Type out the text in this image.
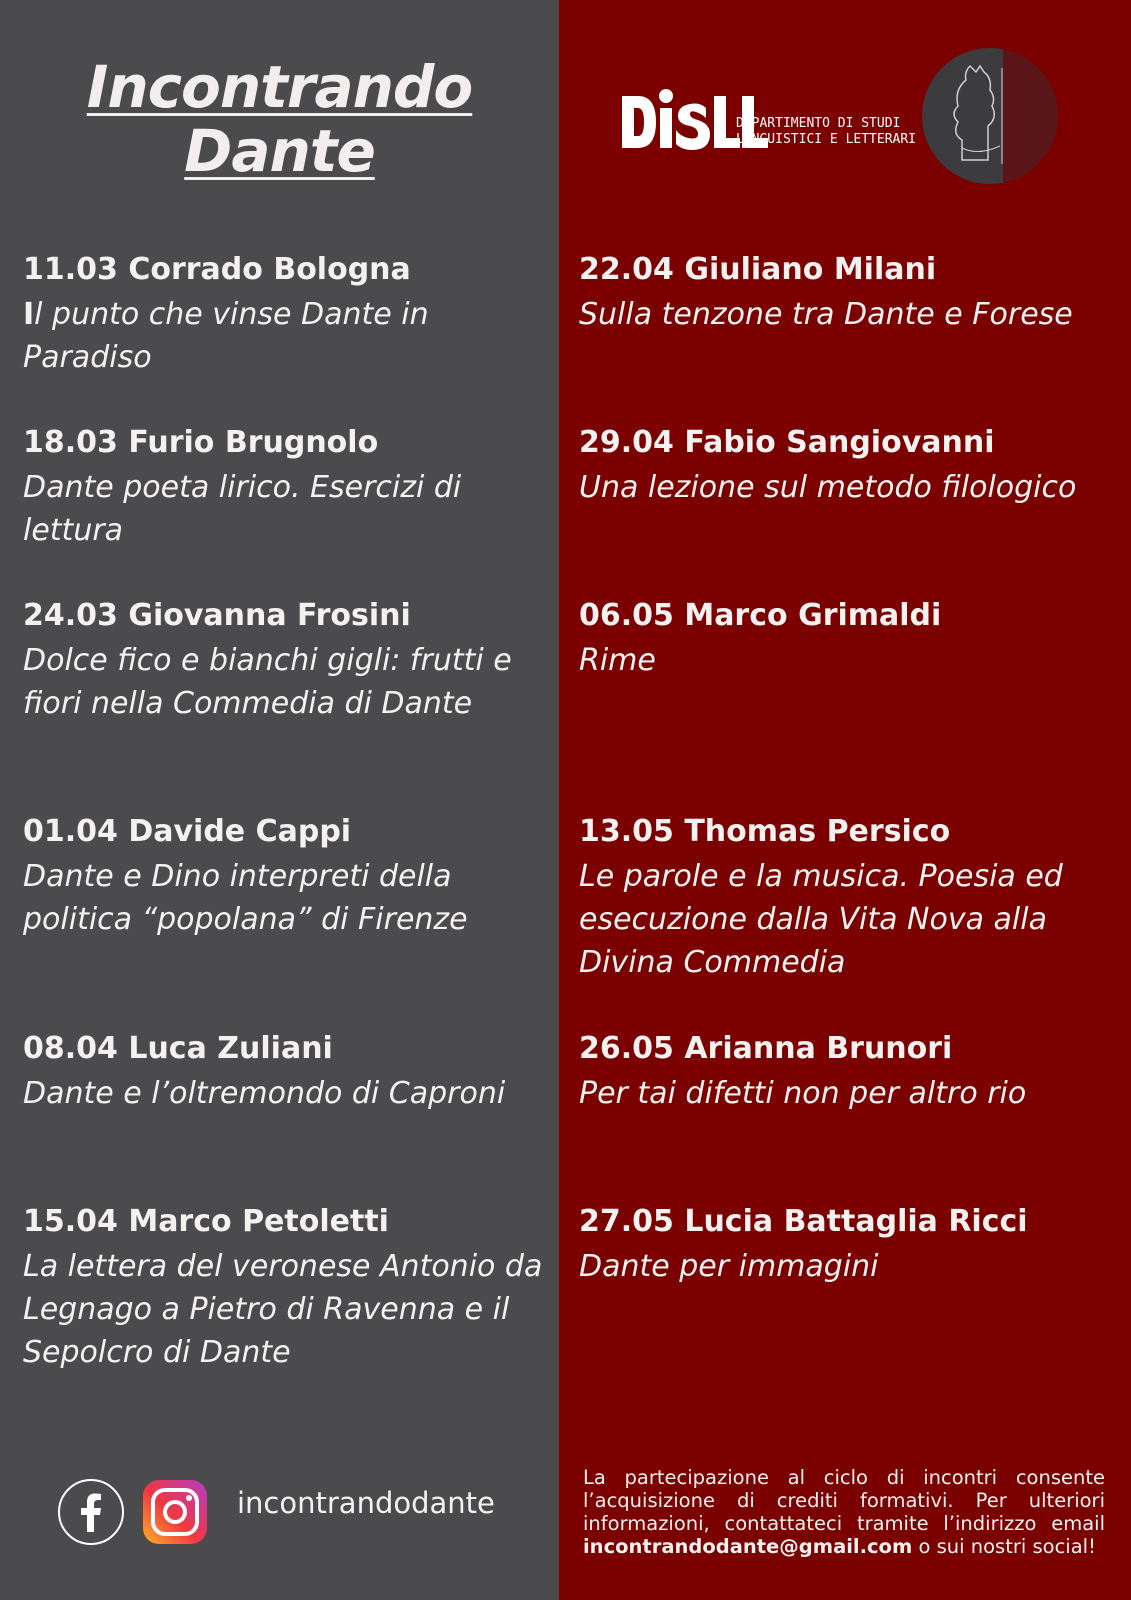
Incontrando
Dante	DIPARTIMENTO DI STUDI
LINGUISTICI E LETTERARI
11.03 Corrado Bologna
Il punto che vinse Dante in Paradiso
18.03 Furio Brugnolo
Dante poeta lirico. Esercizi di lettura
24.03 Giovanna Frosini
Dolce fico e bianchi gigli: frutti e fiori nella Commedia di Dante
01.04 Davide Cappi
Dante e Dino interpreti della politica “popolana” di Firenze
08.04 Luca Zuliani
Dante e l’oltremondo di Caproni
15.04 Marco Petoletti
La lettera del veronese Antonio da Legnago a Pietro di Ravenna e il Sepolcro di Dante
22.04 Giuliano Milani
Sulla tenzone tra Dante e Forese
29.04 Fabio Sangiovanni
Una lezione sul metodo filologico
06.05 Marco Grimaldi
Rime
13.05 Thomas Persico
Le parole e la musica. Poesia ed esecuzione dalla Vita Nova alla Divina Commedia
26.05 Arianna Brunori
Per tai difetti non per altro rio
27.05 Lucia Battaglia Ricci
Dante per immagini
incontrandodante
La partecipazione al ciclo di incontri consente l’acquisizione di crediti formativi. Per ulteriori informazioni, contattateci tramite l’indirizzo email incontrandodante@gmail.com o sui nostri social!
